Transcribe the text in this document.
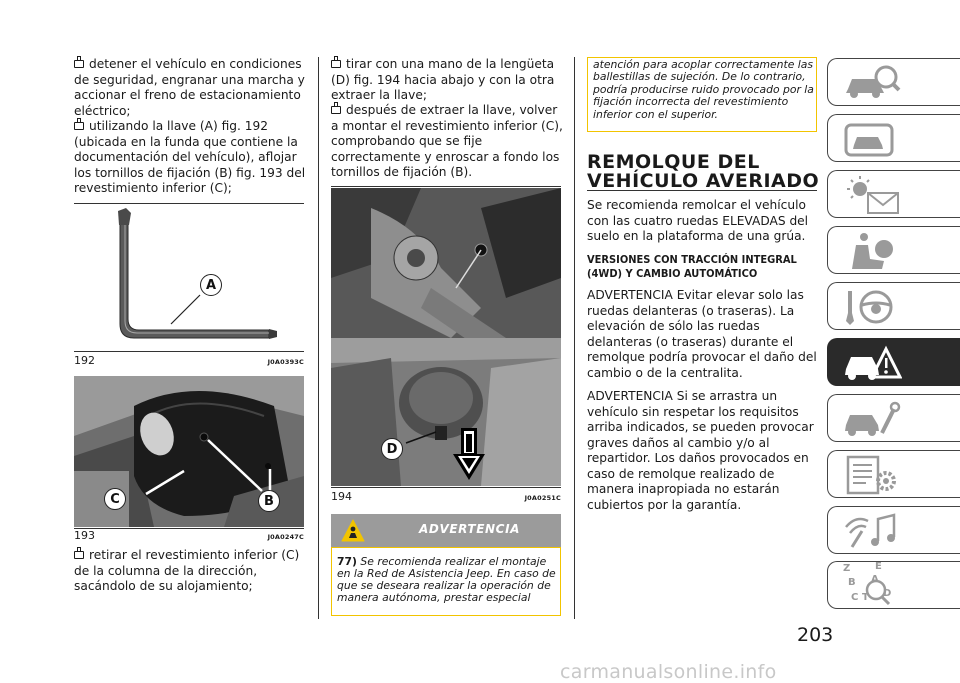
detener el vehículo en condiciones de seguridad, engranar una marcha y accionar el freno de estacionamiento eléctrico;

utilizando la llave (A) fig. 192 (ubicada en la funda que contiene la documentación del vehículo), aflojar los tornillos de fijación (B) fig. 193 del revestimiento inferior (C);

A
192	J0A0393C
C	B
193	J0A0247C

retirar el revestimiento inferior (C) de la columna de la dirección, sacándolo de su alojamiento;

tirar con una mano de la lengüeta (D) fig. 194 hacia abajo y con la otra extraer la llave;

después de extraer la llave, volver a montar el revestimiento inferior (C), comprobando que se fije correctamente y enroscar a fondo los tornillos de fijación (B).

D
194	J0A0251C
ADVERTENCIA

77) Se recomienda realizar el montaje en la Red de Asistencia Jeep. En caso de que se deseara realizar la operación de manera autónoma, prestar especial

atención para acoplar correctamente las ballestillas de sujeción. De lo contrario, podría producirse ruido provocado por la fijación incorrecta del revestimiento inferior con el superior.

REMOLQUE DEL
VEHÍCULO AVERIADO

Se recomienda remolcar el vehículo con las cuatro ruedas ELEVADAS del suelo en la plataforma de una grúa.

VERSIONES CON TRACCIÓN INTEGRAL
(4WD) Y CAMBIO AUTOMÁTICO

ADVERTENCIA Evitar elevar solo las ruedas delanteras (o traseras). La elevación de sólo las ruedas delanteras (o traseras) durante el remolque podría provocar el daño del cambio o de la centralita.

ADVERTENCIA Si se arrastra un vehículo sin respetar los requisitos arriba indicados, se pueden provocar graves daños al cambio y/o al repartidor. Los daños provocados en caso de remolque realizado de manera inapropiada no estarán cubiertos por la garantía.

Z E
B A
C T D
203
carmanualsonline.info
